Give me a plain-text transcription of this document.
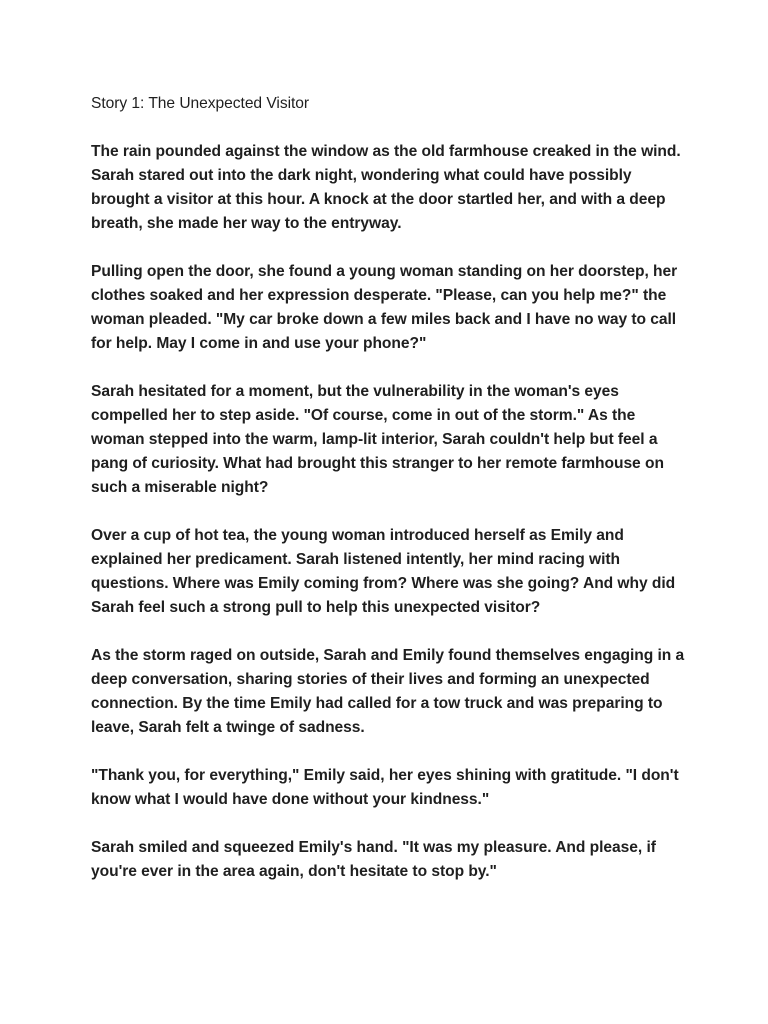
Story 1: The Unexpected Visitor

The rain pounded against the window as the old farmhouse creaked in the wind. Sarah stared out into the dark night, wondering what could have possibly brought a visitor at this hour. A knock at the door startled her, and with a deep breath, she made her way to the entryway.

Pulling open the door, she found a young woman standing on her doorstep, her clothes soaked and her expression desperate. "Please, can you help me?" the woman pleaded. "My car broke down a few miles back and I have no way to call for help. May I come in and use your phone?"

Sarah hesitated for a moment, but the vulnerability in the woman's eyes compelled her to step aside. "Of course, come in out of the storm." As the woman stepped into the warm, lamp-lit interior, Sarah couldn't help but feel a pang of curiosity. What had brought this stranger to her remote farmhouse on such a miserable night?

Over a cup of hot tea, the young woman introduced herself as Emily and explained her predicament. Sarah listened intently, her mind racing with questions. Where was Emily coming from? Where was she going? And why did Sarah feel such a strong pull to help this unexpected visitor?

As the storm raged on outside, Sarah and Emily found themselves engaging in a deep conversation, sharing stories of their lives and forming an unexpected connection. By the time Emily had called for a tow truck and was preparing to leave, Sarah felt a twinge of sadness.

"Thank you, for everything," Emily said, her eyes shining with gratitude. "I don't know what I would have done without your kindness."

Sarah smiled and squeezed Emily's hand. "It was my pleasure. And please, if you're ever in the area again, don't hesitate to stop by."
